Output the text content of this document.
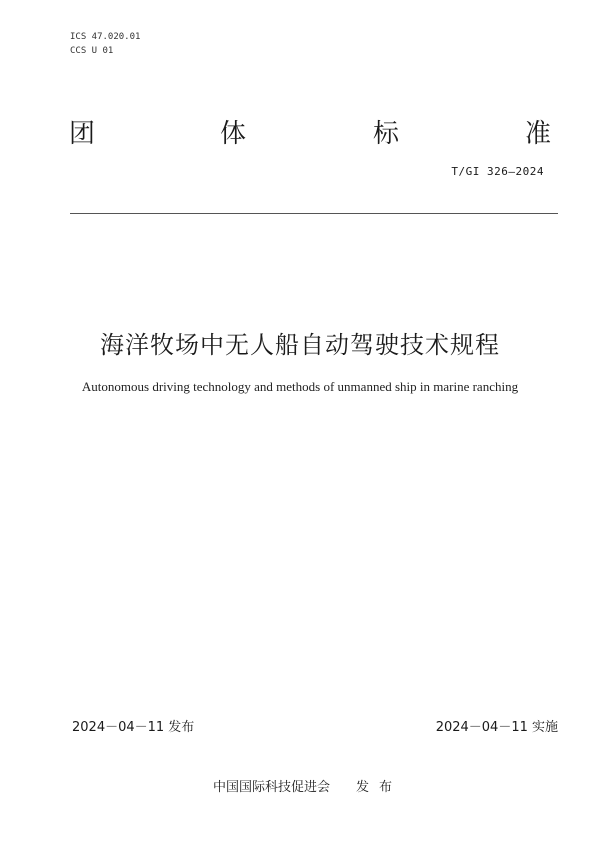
ICS 47.020.01
CCS U 01
团	体	标	准
T/GI 326—2024
海洋牧场中无人船自动驾驶技术规程
Autonomous driving technology and methods of unmanned ship in marine ranching
2024－04－11 发布	2024－04－11 实施
中国国际科技促进会 发布
